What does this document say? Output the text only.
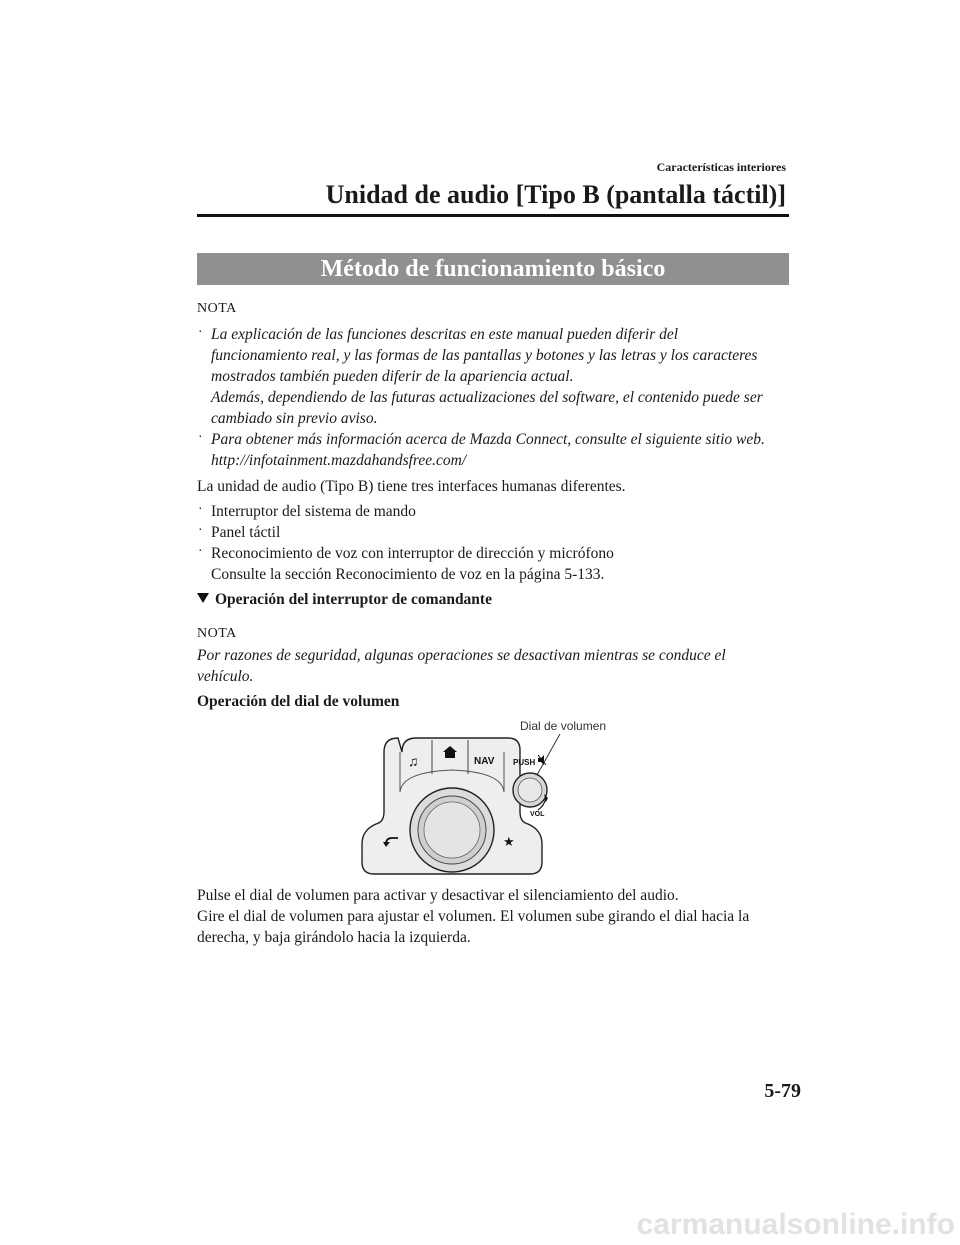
Características interiores
Unidad de audio [Tipo B (pantalla táctil)]
Método de funcionamiento básico
NOTA
· La explicación de las funciones descritas en este manual pueden diferir del
funcionamiento real, y las formas de las pantallas y botones y las letras y los caracteres
mostrados también pueden diferir de la apariencia actual.
Además, dependiendo de las futuras actualizaciones del software, el contenido puede ser
cambiado sin previo aviso.
· Para obtener más información acerca de Mazda Connect, consulte el siguiente sitio web.
http://infotainment.mazdahandsfree.com/
La unidad de audio (Tipo B) tiene tres interfaces humanas diferentes.
· Interruptor del sistema de mando
· Panel táctil
· Reconocimiento de voz con interruptor de dirección y micrófono
Consulte la sección Reconocimiento de voz en la página 5-133.
Operación del interruptor de comandante
NOTA
Por razones de seguridad, algunas operaciones se desactivan mientras se conduce el
vehículo.
Operación del dial de volumen
Dial de volumen
♫	NAV
★
PUSH
VOL
Pulse el dial de volumen para activar y desactivar el silenciamiento del audio.
Gire el dial de volumen para ajustar el volumen. El volumen sube girando el dial hacia la
derecha, y baja girándolo hacia la izquierda.
5-79
carmanualsonline.info
